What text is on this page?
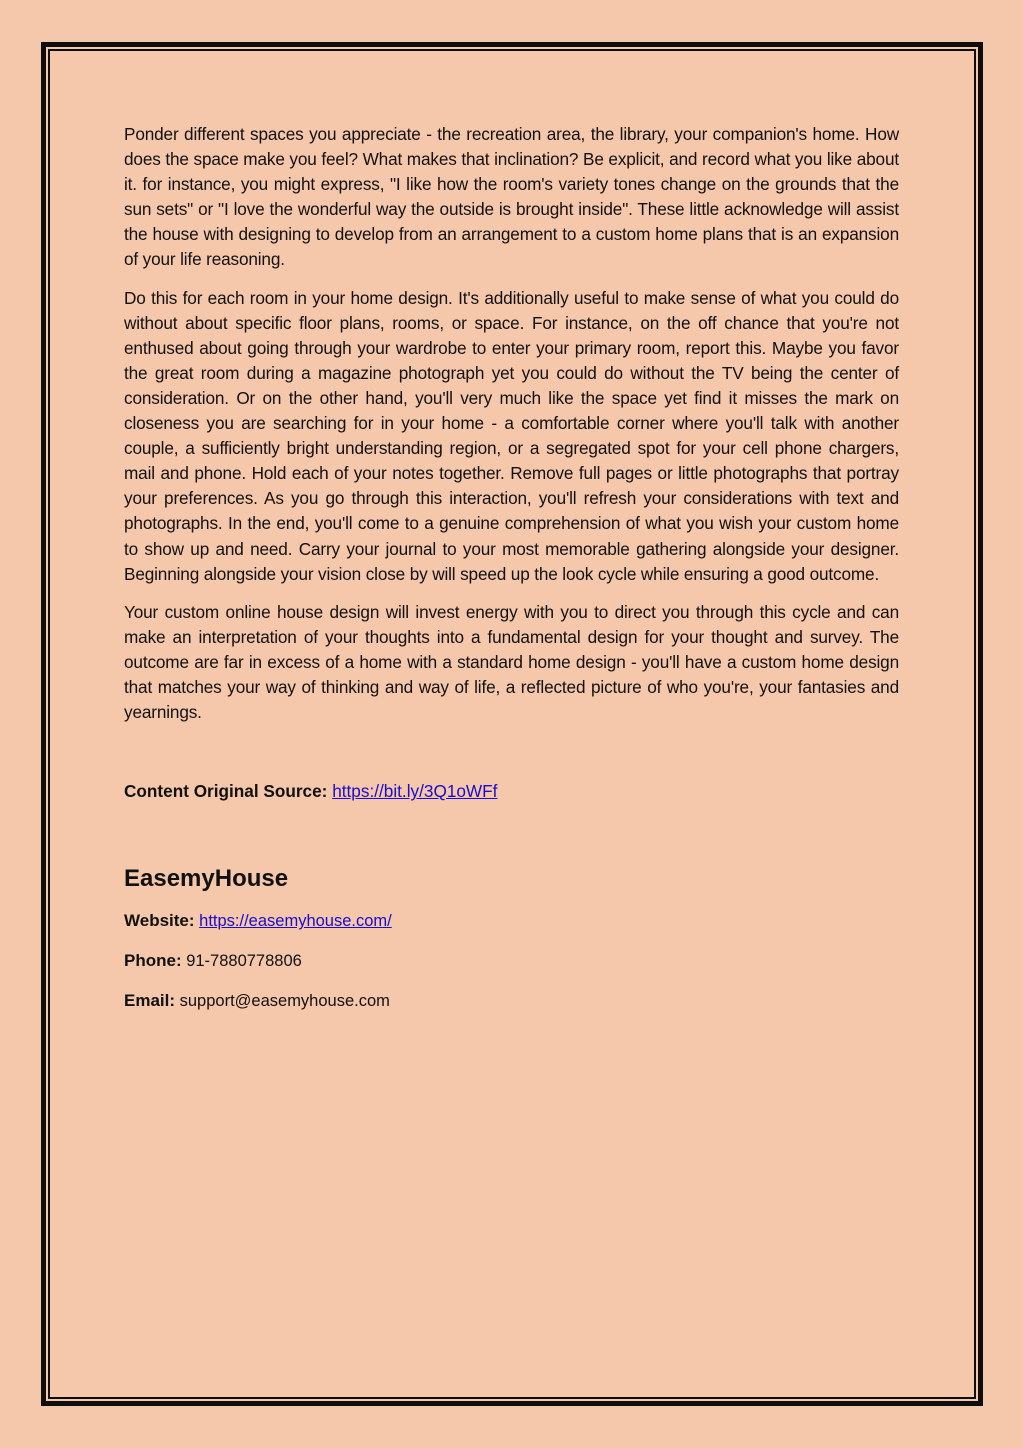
Ponder different spaces you appreciate - the recreation area, the library, your companion's home. How does the space make you feel? What makes that inclination? Be explicit, and record what you like about it. for instance, you might express, "I like how the room's variety tones change on the grounds that the sun sets" or "I love the wonderful way the outside is brought inside". These little acknowledge will assist the house with designing to develop from an arrangement to a custom home plans that is an expansion of your life reasoning.

Do this for each room in your home design. It's additionally useful to make sense of what you could do without about specific floor plans, rooms, or space. For instance, on the off chance that you're not enthused about going through your wardrobe to enter your primary room, report this. Maybe you favor the great room during a magazine photograph yet you could do without the TV being the center of consideration. Or on the other hand, you'll very much like the space yet find it misses the mark on closeness you are searching for in your home - a comfortable corner where you'll talk with another couple, a sufficiently bright understanding region, or a segregated spot for your cell phone chargers, mail and phone. Hold each of your notes together. Remove full pages or little photographs that portray your preferences. As you go through this interaction, you'll refresh your considerations with text and photographs. In the end, you'll come to a genuine comprehension of what you wish your custom home to show up and need. Carry your journal to your most memorable gathering alongside your designer. Beginning alongside your vision close by will speed up the look cycle while ensuring a good outcome.

Your custom online house design will invest energy with you to direct you through this cycle and can make an interpretation of your thoughts into a fundamental design for your thought and survey. The outcome are far in excess of a home with a standard home design - you'll have a custom home design that matches your way of thinking and way of life, a reflected picture of who you're, your fantasies and yearnings.

Content Original Source: https://bit.ly/3Q1oWFf

EasemyHouse

Website: https://easemyhouse.com/

Phone: 91-7880778806

Email: support@easemyhouse.com
